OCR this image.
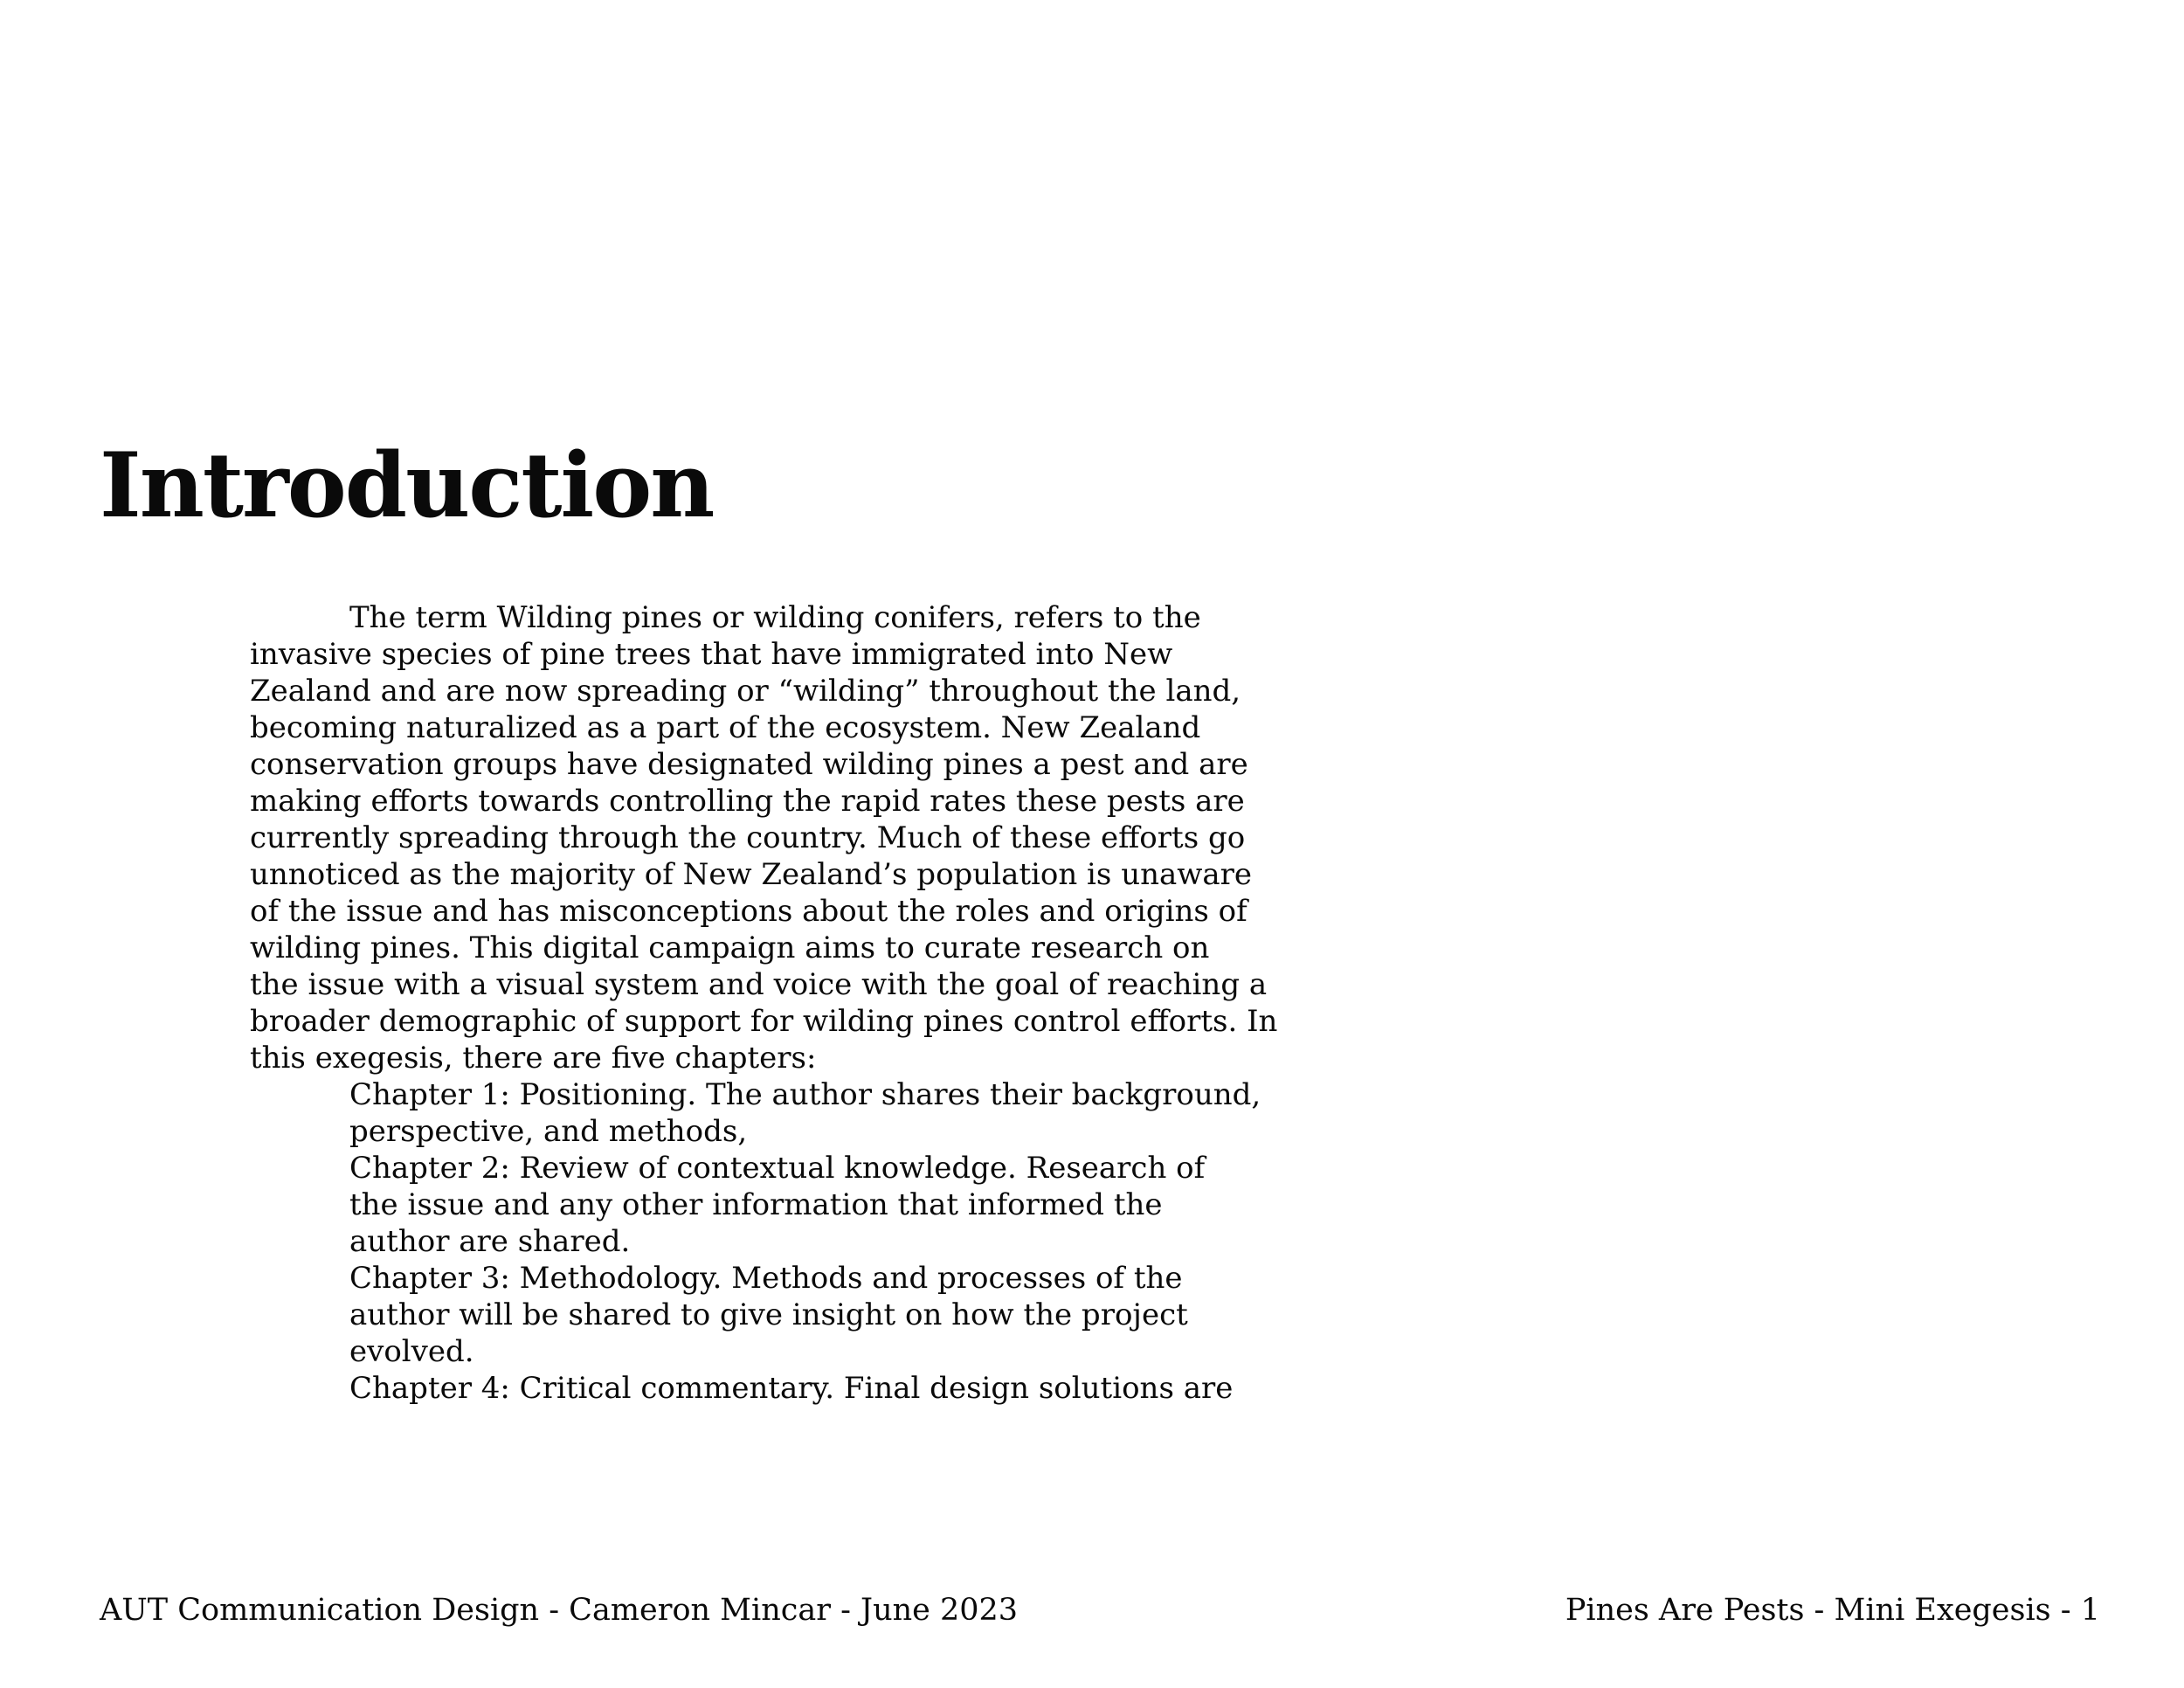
Introduction
The term Wilding pines or wilding conifers, refers to the
invasive species of pine trees that have immigrated into New
Zealand and are now spreading or “wilding” throughout the land,
becoming naturalized as a part of the ecosystem. New Zealand
conservation groups have designated wilding pines a pest and are
making efforts towards controlling the rapid rates these pests are
currently spreading through the country. Much of these efforts go
unnoticed as the majority of New Zealand’s population is unaware
of the issue and has misconceptions about the roles and origins of
wilding pines. This digital campaign aims to curate research on
the issue with a visual system and voice with the goal of reaching a
broader demographic of support for wilding pines control efforts. In
this exegesis, there are five chapters:
Chapter 1: Positioning. The author shares their background,
perspective, and methods,
Chapter 2: Review of contextual knowledge. Research of
the issue and any other information that informed the
author are shared.
Chapter 3: Methodology. Methods and processes of the
author will be shared to give insight on how the project
evolved.
Chapter 4: Critical commentary. Final design solutions are
AUT Communication Design - Cameron Mincar - June 2023	Pines Are Pests - Mini Exegesis - 1
